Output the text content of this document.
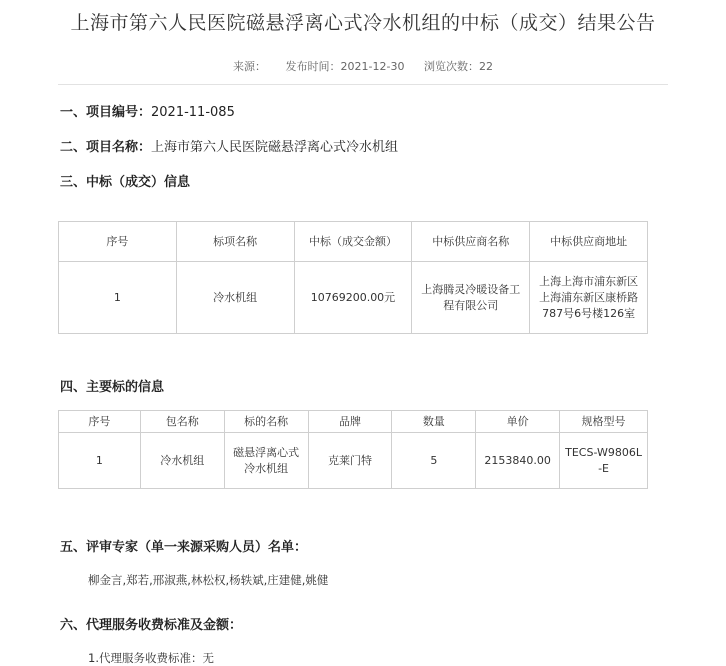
上海市第六人民医院磁悬浮离心式冷水机组的中标（成交）结果公告
来源： 发布时间：2021-12-30 浏览次数：22
一、项目编号：2021-11-085
二、项目名称：上海市第六人民医院磁悬浮离心式冷水机组
三、中标（成交）信息
序号	标项名称	中标（成交金额）	中标供应商名称	中标供应商地址
1	冷水机组	10769200.00元	上海腾灵冷暖设备工程有限公司	上海上海市浦东新区上海浦东新区康桥路787号6号楼126室
四、主要标的信息
序号	包名称	标的名称	品牌	数量	单价	规格型号
1	冷水机组	磁悬浮离心式冷水机组	克莱门特	5	2153840.00	TECS-W9806L-E
五、评审专家（单一来源采购人员）名单：
柳金言,郑若,邢淑燕,林松权,杨轶斌,庄建健,姚健
六、代理服务收费标准及金额：
1.代理服务收费标准：无
